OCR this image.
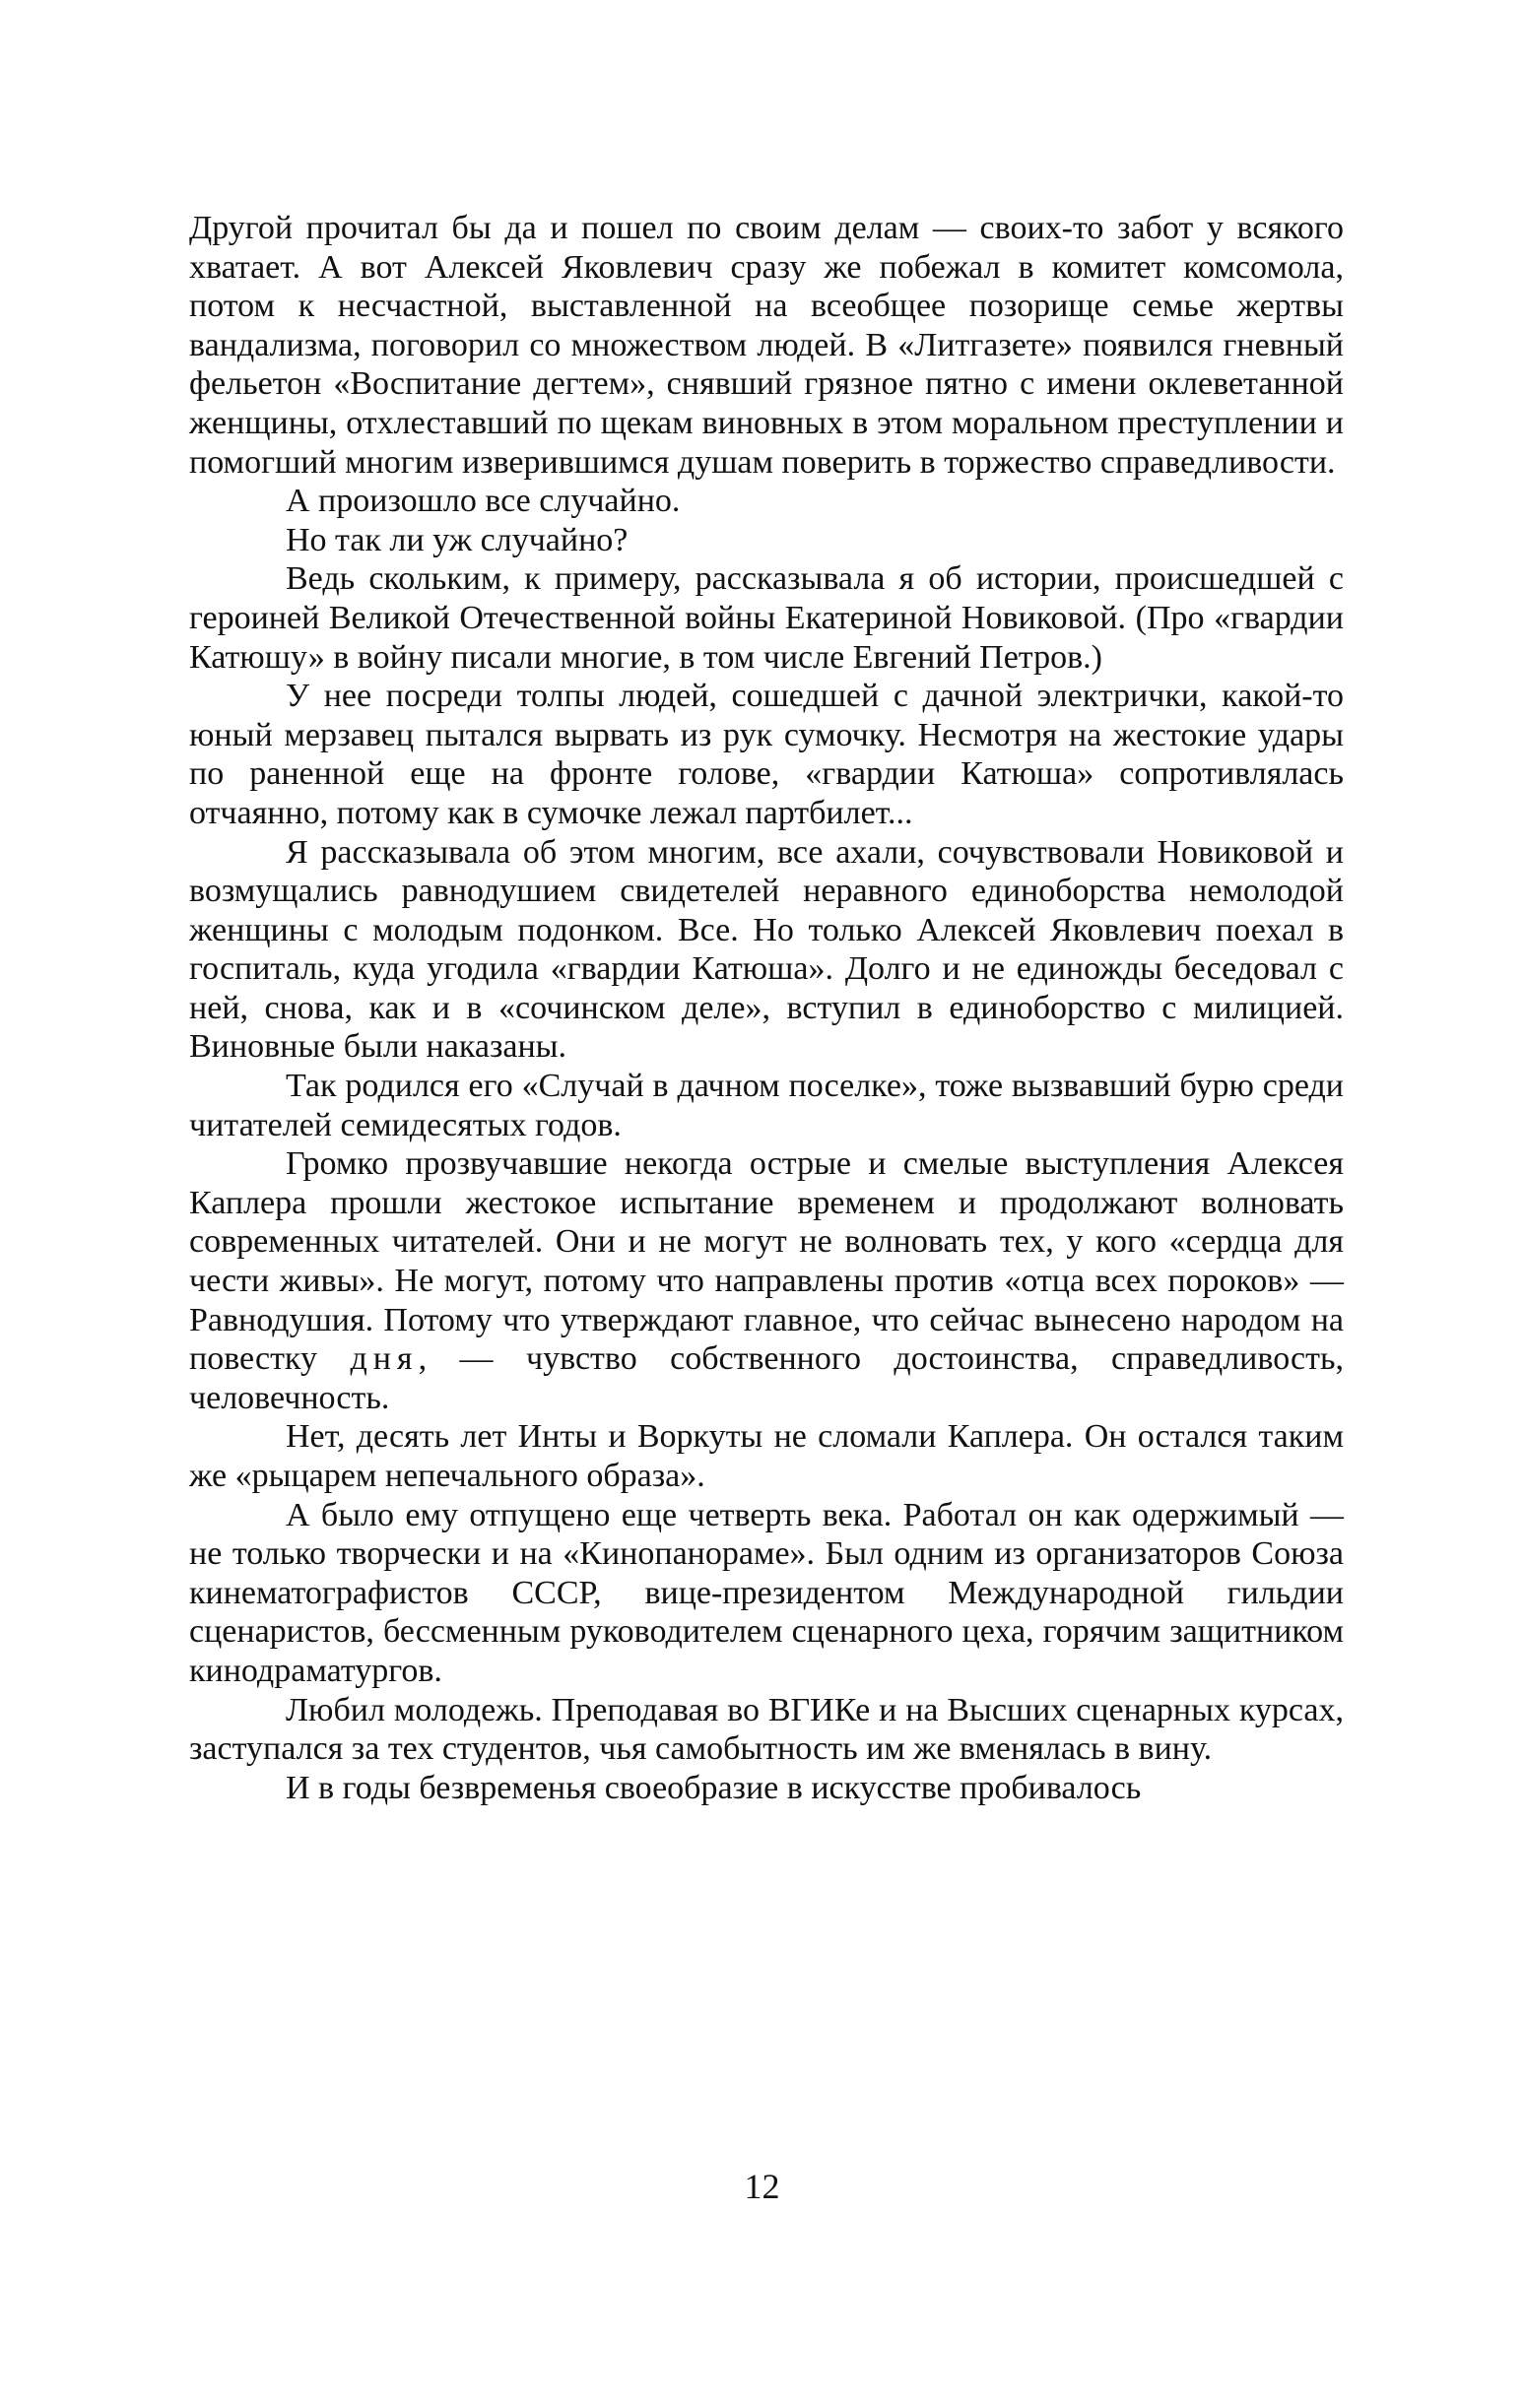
Другой прочитал бы да и пошел по своим делам — своих-то забот у всякого хватает. А вот Алексей Яковлевич сразу же побежал в комитет комсомола, потом к несчастной, выставленной на всеобщее позорище семье жертвы вандализма, поговорил со множеством людей. В «Литгазете» появился гневный фельетон «Воспитание дегтем», снявший грязное пятно с имени оклеветанной женщины, отхлеставший по щекам виновных в этом моральном преступлении и помогший многим изверившимся душам поверить в торжество справедливости.

А произошло все случайно.

Но так ли уж случайно?

Ведь скольким, к примеру, рассказывала я об истории, происшедшей с героиней Великой Отечественной войны Екатериной Новиковой. (Про «гвардии Катюшу» в войну писали многие, в том числе Евгений Петров.)

У нее посреди толпы людей, сошедшей с дачной электрички, какой-то юный мерзавец пытался вырвать из рук сумочку. Несмотря на жестокие удары по раненной еще на фронте голове, «гвардии Катюша» сопротивлялась отчаянно, потому как в сумочке лежал партбилет...

Я рассказывала об этом многим, все ахали, сочувствовали Новиковой и возмущались равнодушием свидетелей неравного единоборства немолодой женщины с молодым подонком. Все. Но только Алексей Яковлевич поехал в госпиталь, куда угодила «гвардии Катюша». Долго и не единожды беседовал с ней, снова, как и в «сочинском деле», вступил в единоборство с милицией. Виновные были наказаны.

Так родился его «Случай в дачном поселке», тоже вызвавший бурю среди читателей семидесятых годов.

Громко прозвучавшие некогда острые и смелые выступления Алексея Каплера прошли жестокое испытание временем и продолжают волновать современных читателей. Они и не могут не волновать тех, у кого «сердца для чести живы». Не могут, потому что направлены против «отца всех пороков» — Равнодушия. Потому что утверждают главное, что сейчас вынесено народом на повестку дня, — чувство собственного достоинства, справедливость, человечность.

Нет, десять лет Инты и Воркуты не сломали Каплера. Он остался таким же «рыцарем непечального образа».

А было ему отпущено еще четверть века. Работал он как одержимый — не только творчески и на «Кинопанораме». Был одним из организаторов Союза кинематографистов СССР, вице-президентом Международной гильдии сценаристов, бессменным руководителем сценарного цеха, горячим защитником кинодраматургов.

Любил молодежь. Преподавая во ВГИКе и на Высших сценарных курсах, заступался за тех студентов, чья самобытность им же вменялась в вину.

И в годы безвременья своеобразие в искусстве пробивалось

12
